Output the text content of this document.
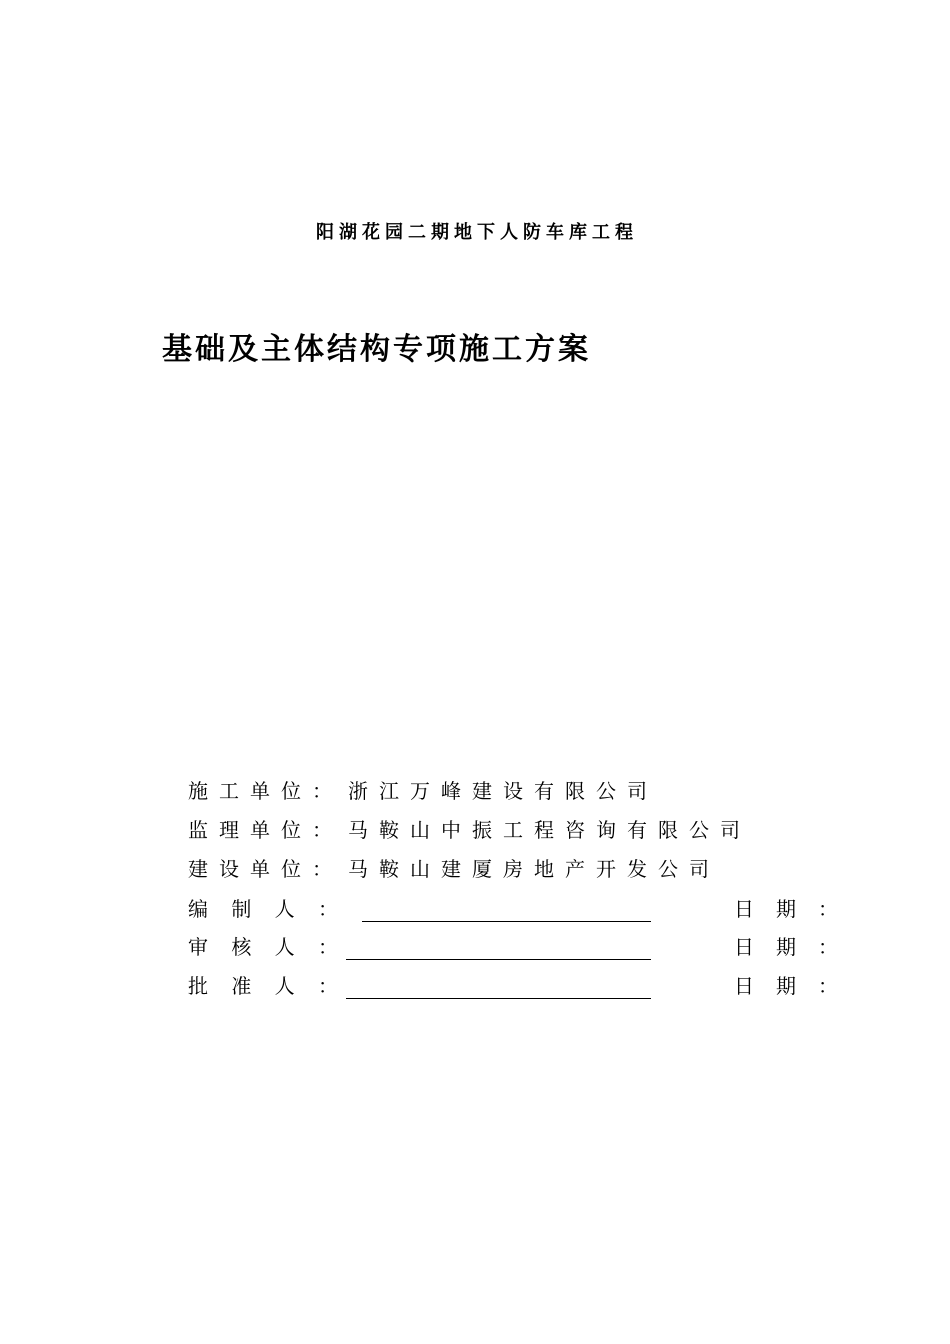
阳湖花园二期地下人防车库工程
基础及主体结构专项施工方案
施工单位： 浙江万峰建设有限公司
监理单位： 马鞍山中振工程咨询有限公司
建设单位： 马鞍山建厦房地产开发公司
编 制 人 ：	日 期 ：
审 核 人 ：	日 期 ：
批 准 人 ：	日 期 ：
